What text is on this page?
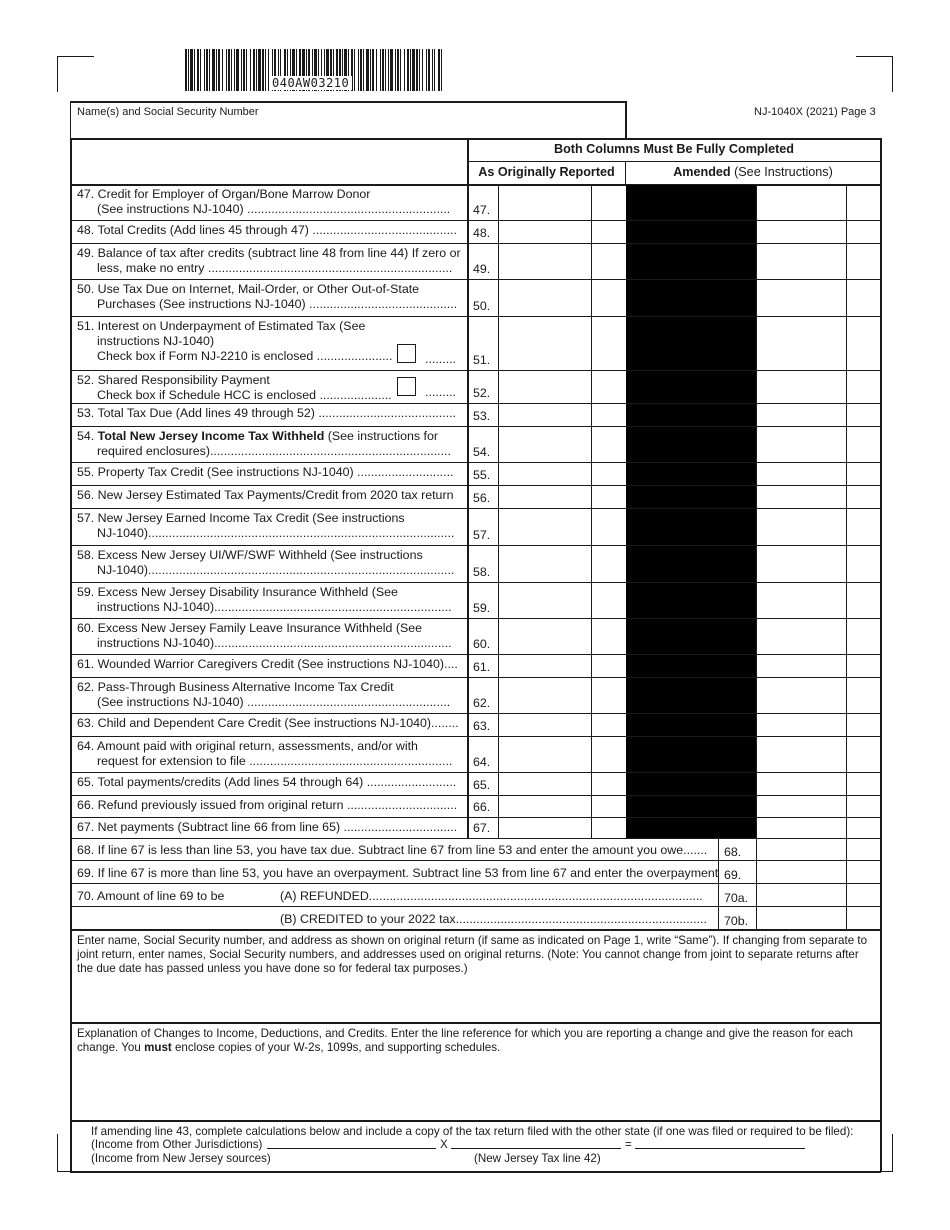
040AW03210
Name(s) and Social Security Number	NJ-1040X (2021) Page 3
Both Columns Must Be Fully Completed
As Originally Reported	Amended (See Instructions)
47. Credit for Employer of Organ/Bone Marrow Donor
(See instructions NJ-1040) ...........................................................	47.
48. Total Credits (Add lines 45 through 47) ..........................................	48.
49. Balance of tax after credits (subtract line 48 from line 44) If zero or
less, make no entry .......................................................................	49.
50. Use Tax Due on Internet, Mail-Order, or Other Out-of-State
Purchases (See instructions NJ-1040) ...........................................	50.
51. Interest on Underpayment of Estimated Tax (See
instructions NJ-1040)
Check box if Form NJ-2210 is enclosed ......................	......... 51.
52. Shared Responsibility Payment
Check box if Schedule HCC is enclosed .....................	......... 52.
53. Total Tax Due (Add lines 49 through 52) ........................................	53.
54. Total New Jersey Income Tax Withheld (See instructions for
required enclosures)......................................................................	54.
55. Property Tax Credit (See instructions NJ-1040) ............................	55.
56. New Jersey Estimated Tax Payments/Credit from 2020 tax return	56.
57. New Jersey Earned Income Tax Credit (See instructions
NJ-1040).........................................................................................	57.
58. Excess New Jersey UI/WF/SWF Withheld (See instructions
NJ-1040).........................................................................................	58.
59. Excess New Jersey Disability Insurance Withheld (See
instructions NJ-1040).....................................................................	59.
60. Excess New Jersey Family Leave Insurance Withheld (See
instructions NJ-1040).....................................................................	60.
61. Wounded Warrior Caregivers Credit (See instructions NJ-1040)....	61.
62. Pass-Through Business Alternative Income Tax Credit
(See instructions NJ-1040) ...........................................................	62.
63. Child and Dependent Care Credit (See instructions NJ-1040)........	63.
64. Amount paid with original return, assessments, and/or with
request for extension to file ...........................................................	64.
65. Total payments/credits (Add lines 54 through 64) ..........................	65.
66. Refund previously issued from original return ................................	66.
67. Net payments (Subtract line 66 from line 65) .................................	67.
68. If line 67 is less than line 53, you have tax due. Subtract line 67 from line 53 and enter the amount you owe....... 68.
69. If line 67 is more than line 53, you have an overpayment. Subtract line 53 from line 67 and enter the overpayment 69.
70. Amount of line 69 to be	(A) REFUNDED................................................................................................. 70a.
(B) CREDITED to your 2022 tax......................................................................... 70b.
Enter name, Social Security number, and address as shown on original return (if same as indicated on Page 1, write “Same”). If changing from separate to
joint return, enter names, Social Security numbers, and addresses used on original returns. (Note: You cannot change from joint to separate returns after
the due date has passed unless you have done so for federal tax purposes.)
Explanation of Changes to Income, Deductions, and Credits. Enter the line reference for which you are reporting a change and give the reason for each
change. You must enclose copies of your W-2s, 1099s, and supporting schedules.
If amending line 43, complete calculations below and include a copy of the tax return filed with the other state (if one was filed or required to be filed):
(Income from Other Jurisdictions)	X	=
(Income from New Jersey sources)	(New Jersey Tax line 42)
